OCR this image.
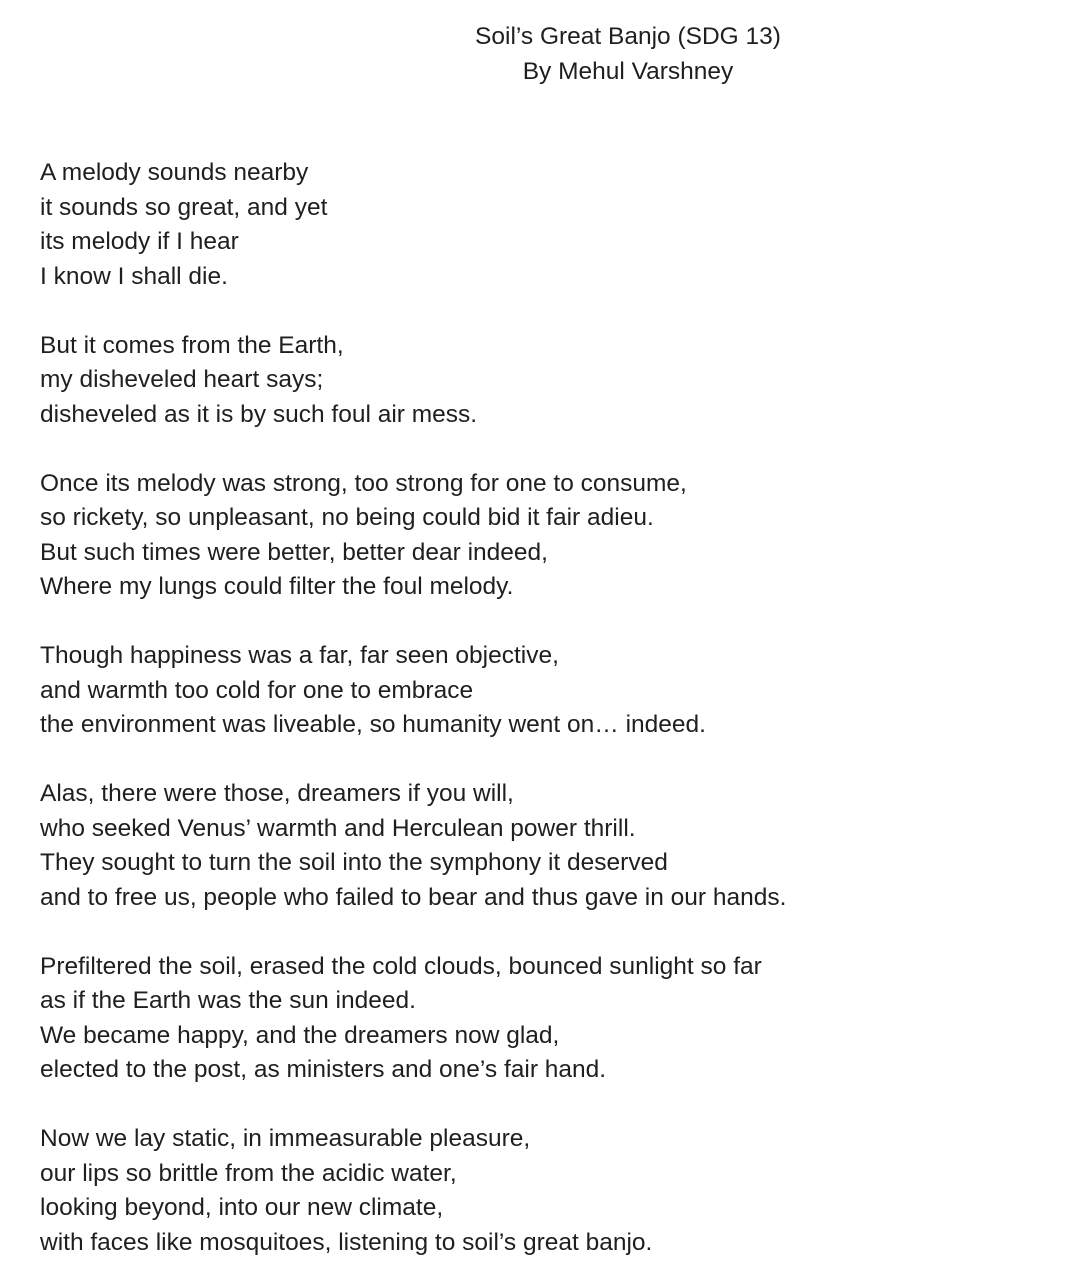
Soil’s Great Banjo (SDG 13)
By Mehul Varshney
A melody sounds nearby
it sounds so great, and yet
its melody if I hear
I know I shall die.
But it comes from the Earth,
my disheveled heart says;
disheveled as it is by such foul air mess.
Once its melody was strong, too strong for one to consume,
so rickety, so unpleasant, no being could bid it fair adieu.
But such times were better, better dear indeed,
Where my lungs could filter the foul melody.
Though happiness was a far, far seen objective,
and warmth too cold for one to embrace
the environment was liveable, so humanity went on… indeed.
Alas, there were those, dreamers if you will,
who seeked Venus’ warmth and Herculean power thrill.
They sought to turn the soil into the symphony it deserved
and to free us, people who failed to bear and thus gave in our hands.
Prefiltered the soil, erased the cold clouds, bounced sunlight so far
as if the Earth was the sun indeed.
We became happy, and the dreamers now glad,
elected to the post, as ministers and one’s fair hand.
Now we lay static, in immeasurable pleasure,
our lips so brittle from the acidic water,
looking beyond, into our new climate,
with faces like mosquitoes, listening to soil’s great banjo.
